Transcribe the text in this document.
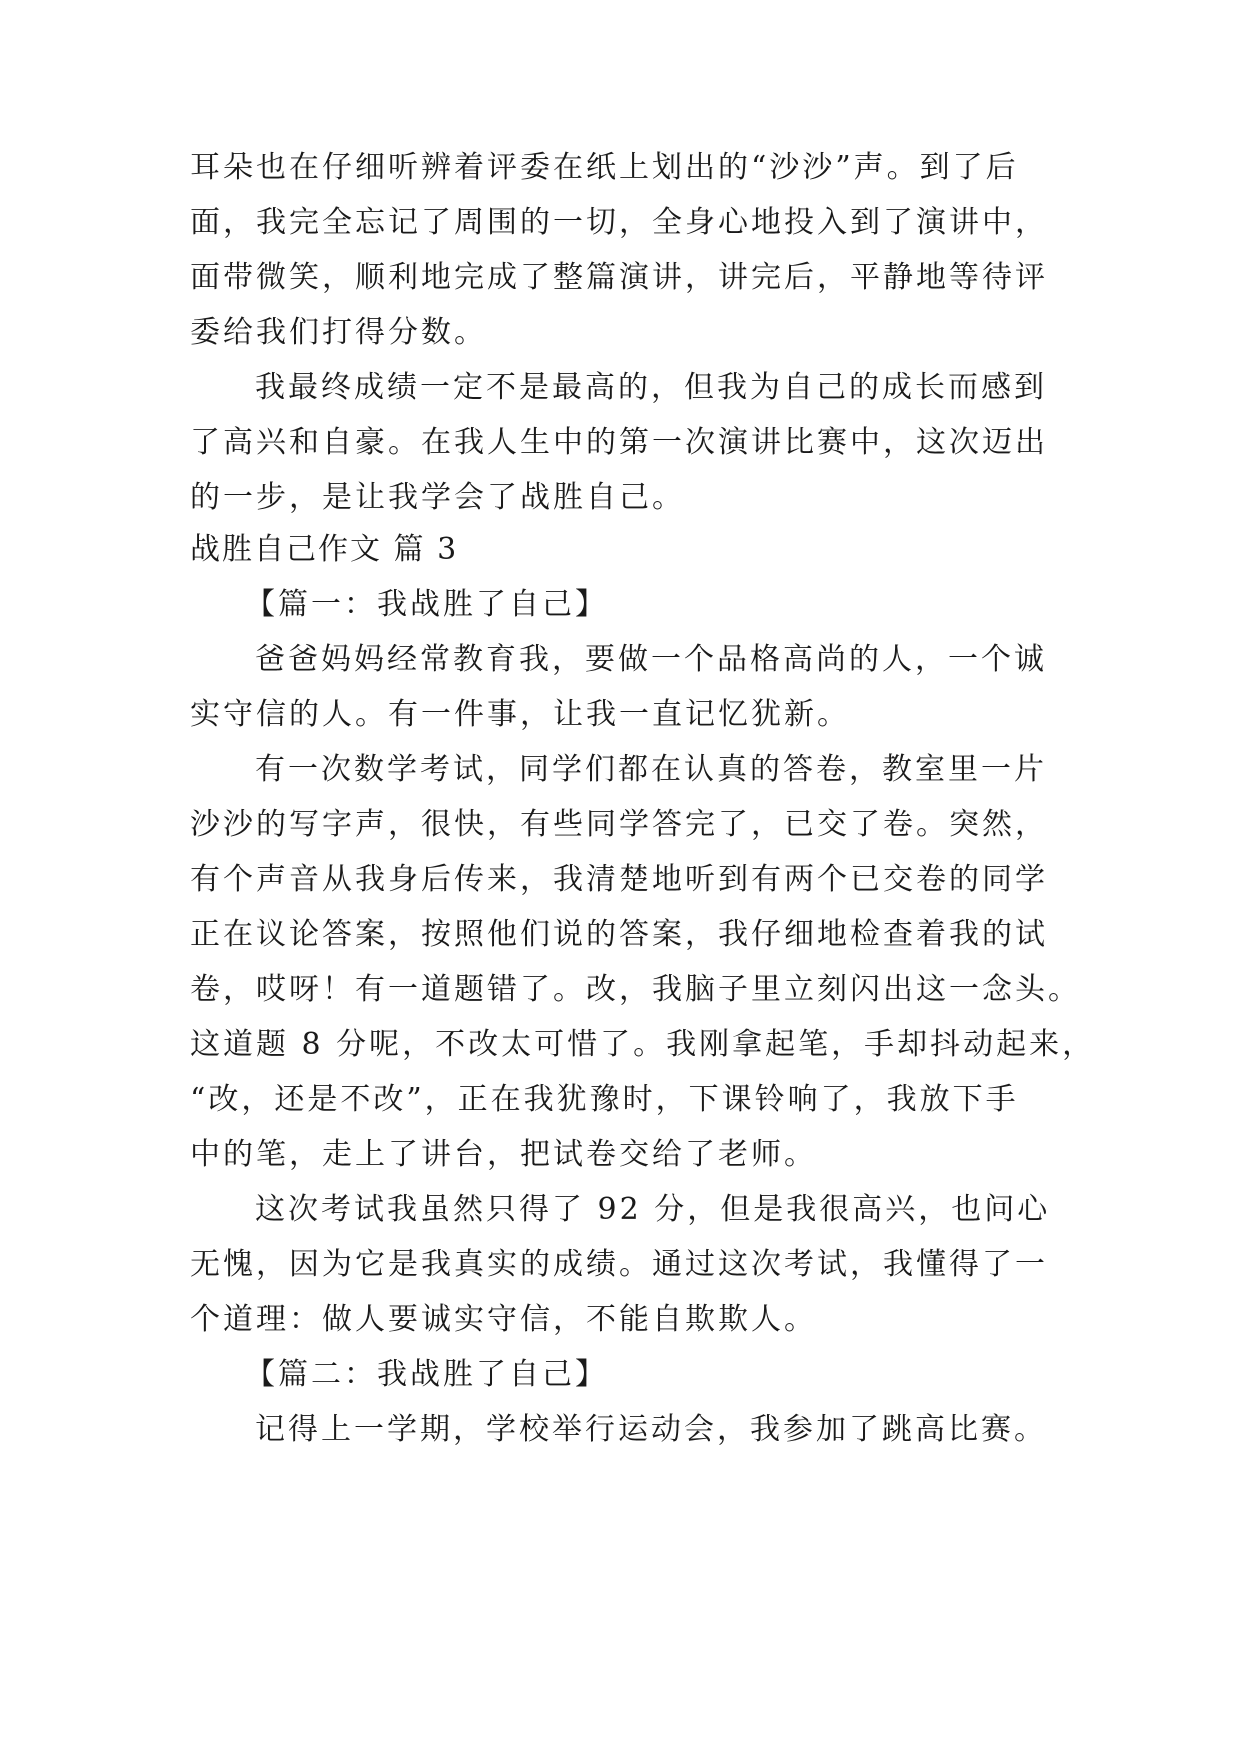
耳朵也在仔细听辨着评委在纸上划出的“沙沙”声。到了后
面，我完全忘记了周围的一切，全身心地投入到了演讲中，
面带微笑，顺利地完成了整篇演讲，讲完后，平静地等待评
委给我们打得分数。
我最终成绩一定不是最高的，但我为自己的成长而感到
了高兴和自豪。在我人生中的第一次演讲比赛中，这次迈出
的一步，是让我学会了战胜自己。
战胜自己作文 篇 3
【篇一：我战胜了自己】
爸爸妈妈经常教育我，要做一个品格高尚的人，一个诚
实守信的人。有一件事，让我一直记忆犹新。
有一次数学考试，同学们都在认真的答卷，教室里一片
沙沙的写字声，很快，有些同学答完了，已交了卷。突然，
有个声音从我身后传来，我清楚地听到有两个已交卷的同学
正在议论答案，按照他们说的答案，我仔细地检查着我的试
卷，哎呀！有一道题错了。改，我脑子里立刻闪出这一念头。
这道题 8 分呢，不改太可惜了。我刚拿起笔，手却抖动起来，
“改，还是不改”，正在我犹豫时，下课铃响了，我放下手
中的笔，走上了讲台，把试卷交给了老师。
这次考试我虽然只得了 92 分，但是我很高兴，也问心
无愧，因为它是我真实的成绩。通过这次考试，我懂得了一
个道理：做人要诚实守信，不能自欺欺人。
【篇二：我战胜了自己】
记得上一学期，学校举行运动会，我参加了跳高比赛。
